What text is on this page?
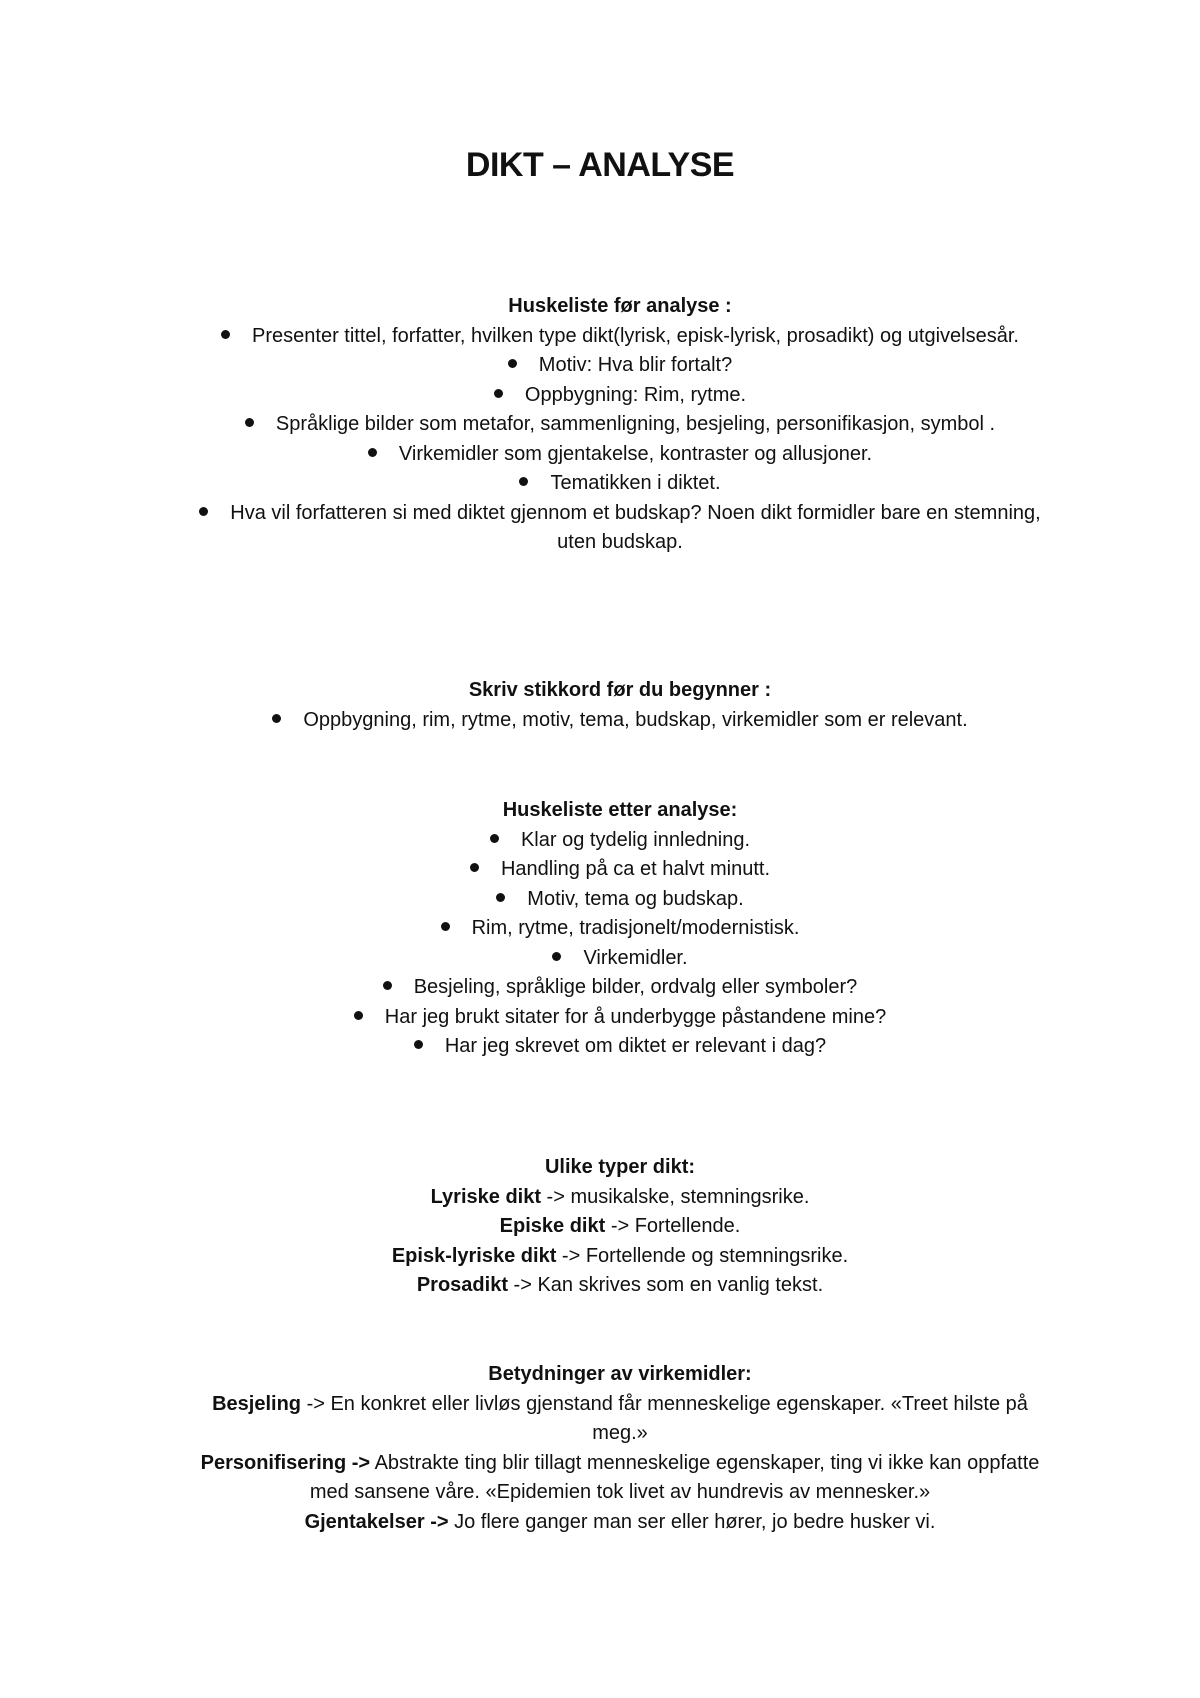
DIKT – ANALYSE

Huskeliste før analyse :

Presenter tittel, forfatter, hvilken type dikt(lyrisk, episk-lyrisk, prosadikt) og utgivelsesår.
Motiv: Hva blir fortalt?
Oppbygning: Rim, rytme.
Språklige bilder som metafor, sammenligning, besjeling, personifikasjon, symbol .
Virkemidler som gjentakelse, kontraster og allusjoner.
Tematikken i diktet.
Hva vil forfatteren si med diktet gjennom et budskap? Noen dikt formidler bare en stemning, uten budskap.

Skriv stikkord før du begynner :

Oppbygning, rim, rytme, motiv, tema, budskap, virkemidler som er relevant.

Huskeliste etter analyse:

Klar og tydelig innledning.
Handling på ca et halvt minutt.
Motiv, tema og budskap.
Rim, rytme, tradisjonelt/modernistisk.
Virkemidler.
Besjeling, språklige bilder, ordvalg eller symboler?
Har jeg brukt sitater for å underbygge påstandene mine?
Har jeg skrevet om diktet er relevant i dag?

Ulike typer dikt:

Lyriske dikt -> musikalske, stemningsrike.

Episke dikt -> Fortellende.

Episk-lyriske dikt -> Fortellende og stemningsrike.

Prosadikt -> Kan skrives som en vanlig tekst.

Betydninger av virkemidler:

Besjeling -> En konkret eller livløs gjenstand får menneskelige egenskaper. «Treet hilste på meg.»

Personifisering -> Abstrakte ting blir tillagt menneskelige egenskaper, ting vi ikke kan oppfatte med sansene våre. «Epidemien tok livet av hundrevis av mennesker.»

Gjentakelser -> Jo flere ganger man ser eller hører, jo bedre husker vi.
